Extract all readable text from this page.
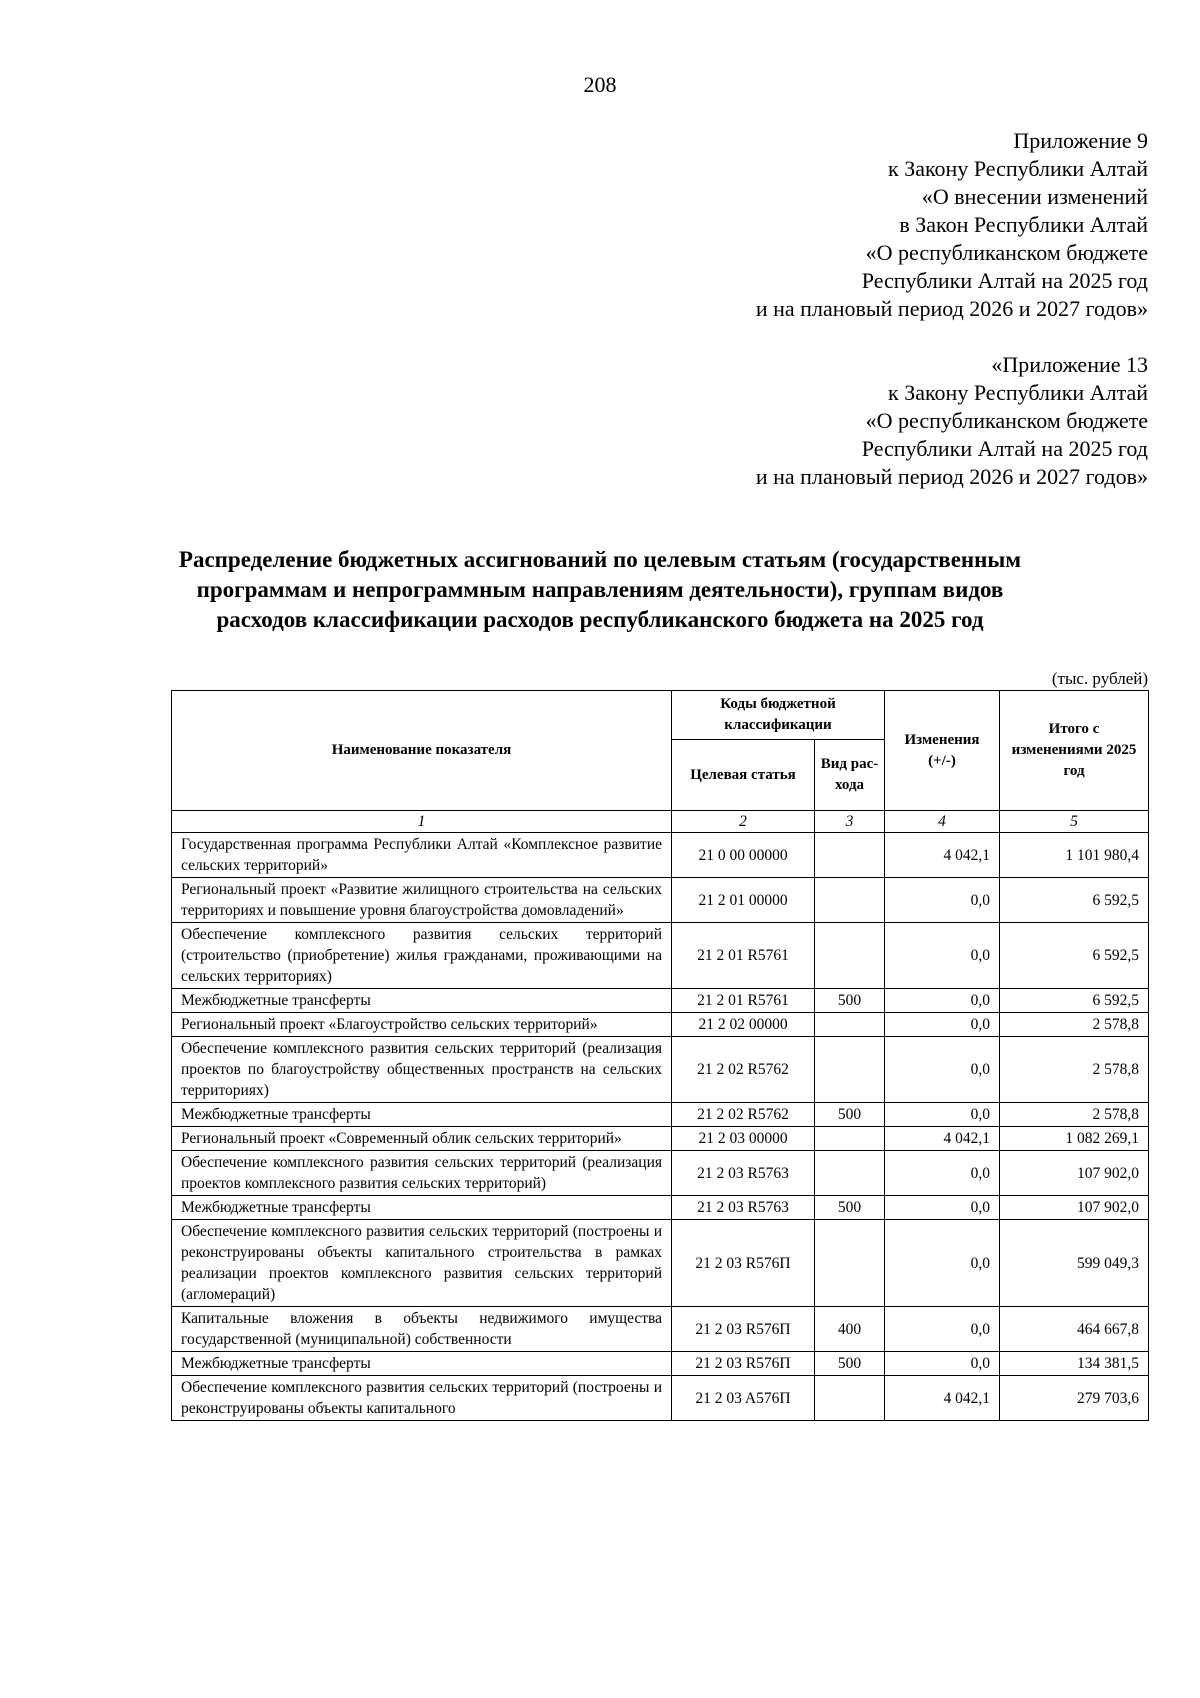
208
Приложение 9
к Закону Республики Алтай
«О внесении изменений
в Закон Республики Алтай
«О республиканском бюджете
Республики Алтай на 2025 год
и на плановый период 2026 и 2027 годов»
«Приложение 13
к Закону Республики Алтай
«О республиканском бюджете
Республики Алтай на 2025 год
и на плановый период 2026 и 2027 годов»
Распределение бюджетных ассигнований по целевым статьям (государственным
программам и непрограммным направлениям деятельности), группам видов
расходов классификации расходов республиканского бюджета на 2025 год
(тыс. рублей)
Наименование показателя	Коды бюджетной классификации		Изменения (+/-)	Итого с изменениями 2025 год
	Целевая статья	Вид рас-хода		
1	2	3	4	5
Государственная программа Республики Алтай «Комплексное развитие сельских территорий»	21 0 00 00000		4 042,1	1 101 980,4
Региональный проект «Развитие жилищного строительства на сельских территориях и повышение уровня благоустройства домовладений»	21 2 01 00000		0,0	6 592,5
Обеспечение комплексного развития сельских территорий (строительство (приобретение) жилья гражданами, проживающими на сельских территориях)	21 2 01 R5761		0,0	6 592,5
Межбюджетные трансферты	21 2 01 R5761	500	0,0	6 592,5
Региональный проект «Благоустройство сельских территорий»	21 2 02 00000		0,0	2 578,8
Обеспечение комплексного развития сельских территорий (реализация проектов по благоустройству общественных пространств на сельских территориях)	21 2 02 R5762		0,0	2 578,8
Межбюджетные трансферты	21 2 02 R5762	500	0,0	2 578,8
Региональный проект «Современный облик сельских территорий»	21 2 03 00000		4 042,1	1 082 269,1
Обеспечение комплексного развития сельских территорий (реализация проектов комплексного развития сельских территорий)	21 2 03 R5763		0,0	107 902,0
Межбюджетные трансферты	21 2 03 R5763	500	0,0	107 902,0
Обеспечение комплексного развития сельских территорий (построены и реконструированы объекты капитального строительства в рамках реализации проектов комплексного развития сельских территорий (агломераций)	21 2 03 R576П		0,0	599 049,3
Капитальные вложения в объекты недвижимого имущества государственной (муниципальной) собственности	21 2 03 R576П	400	0,0	464 667,8
Межбюджетные трансферты	21 2 03 R576П	500	0,0	134 381,5
Обеспечение комплексного развития сельских территорий (построены и реконструированы объекты капитального	21 2 03 A576П		4 042,1	279 703,6
